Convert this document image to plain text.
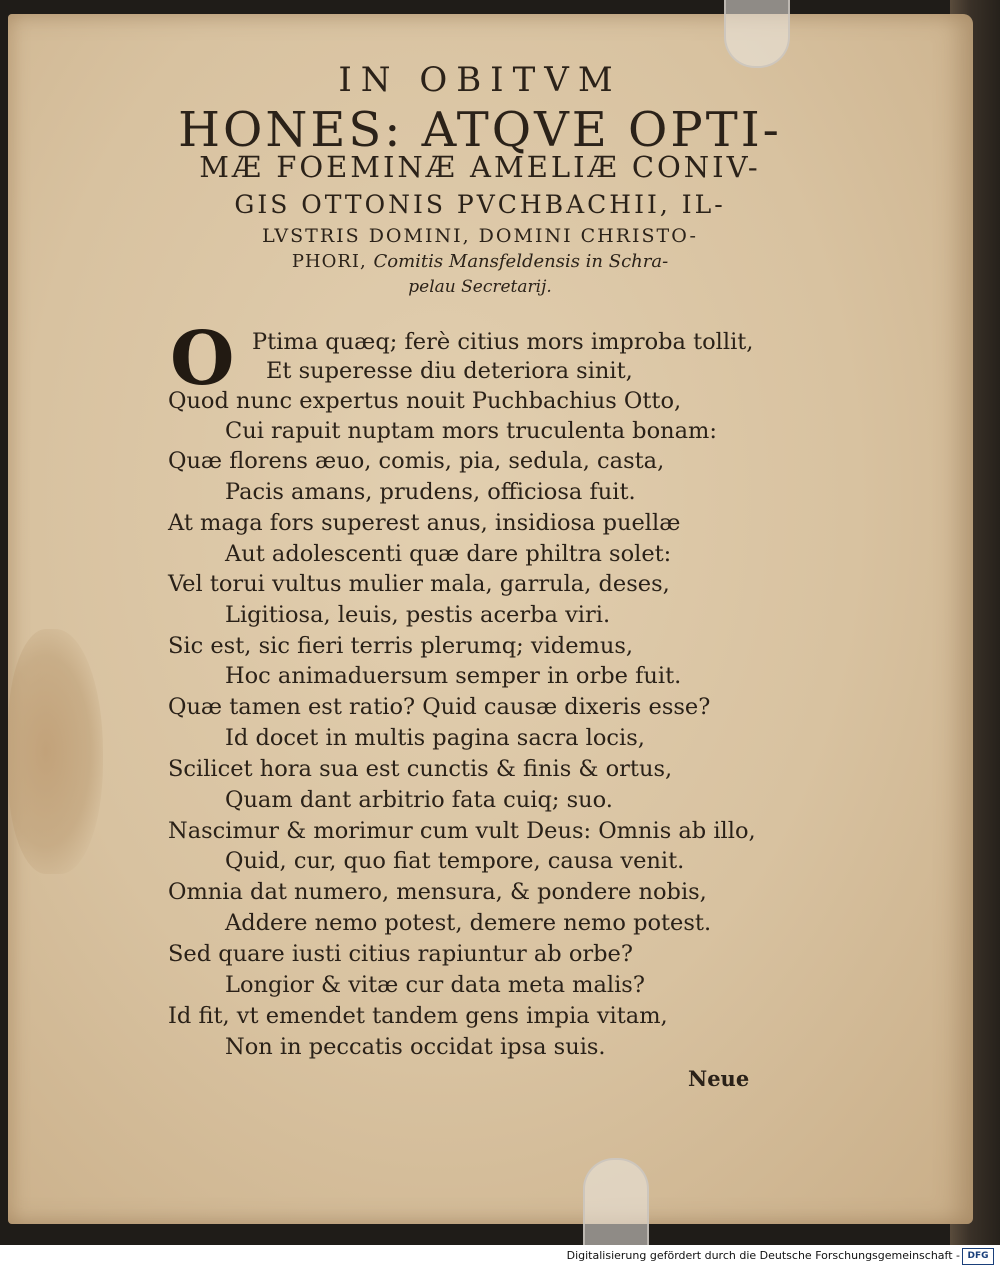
IN OBITVM

HONES: ATQVE OPTI-

MÆ FOEMINÆ AMELIÆ CONIV-

GIS OTTONIS PVCHBACHII, IL-

LVSTRIS DOMINI, DOMINI CHRISTO-

PHORI, Comitis Mansfeldensis in Schra-

pelau Secretarij.

O Ptima quæq; ferè citius mors improba tollit,

Et superesse diu deteriora sinit,

Quod nunc expertus nouit Puchbachius Otto,

Cui rapuit nuptam mors truculenta bonam:

Quæ florens æuo, comis, pia, sedula, casta,

Pacis amans, prudens, officiosa fuit.

At maga fors superest anus, insidiosa puellæ

Aut adolescenti quæ dare philtra solet:

Vel torui vultus mulier mala, garrula, deses,

Ligitiosa, leuis, pestis acerba viri.

Sic est, sic fieri terris plerumq; videmus,

Hoc animaduersum semper in orbe fuit.

Quæ tamen est ratio? Quid causæ dixeris esse?

Id docet in multis pagina sacra locis,

Scilicet hora sua est cunctis & finis & ortus,

Quam dant arbitrio fata cuiq; suo.

Nascimur & morimur cum vult Deus: Omnis ab illo,

Quid, cur, quo fiat tempore, causa venit.

Omnia dat numero, mensura, & pondere nobis,

Addere nemo potest, demere nemo potest.

Sed quare iusti citius rapiuntur ab orbe?

Longior & vitæ cur data meta malis?

Id fit, vt emendet tandem gens impia vitam,

Non in peccatis occidat ipsa suis.

Neue

Digitalisierung gefördert durch die Deutsche Forschungsgemeinschaft - DFG
